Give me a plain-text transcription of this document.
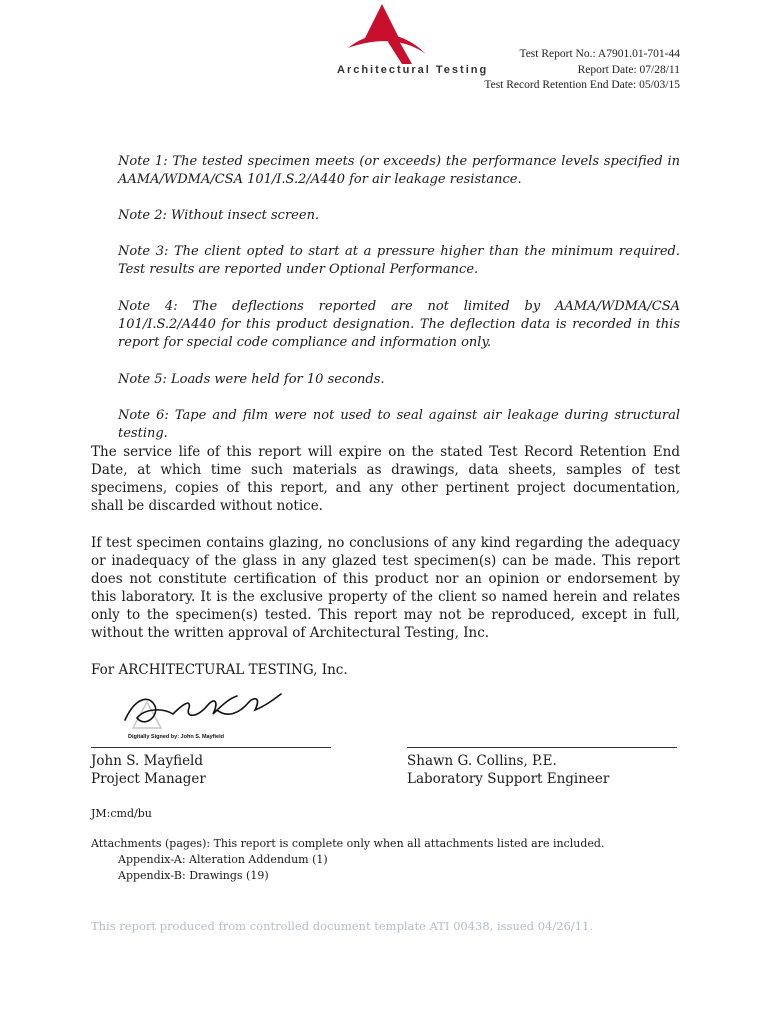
Architectural Testing
Test Report No.: A7901.01-701-44
Report Date: 07/28/11
Test Record Retention End Date: 05/03/15
Note 1: The tested specimen meets (or exceeds) the performance levels specified in AAMA/WDMA/CSA 101/I.S.2/A440 for air leakage resistance.
Note 2: Without insect screen.
Note 3: The client opted to start at a pressure higher than the minimum required. Test results are reported under Optional Performance.
Note 4: The deflections reported are not limited by AAMA/WDMA/CSA 101/I.S.2/A440 for this product designation. The deflection data is recorded in this report for special code compliance and information only.
Note 5: Loads were held for 10 seconds.
Note 6: Tape and film were not used to seal against air leakage during structural testing.
The service life of this report will expire on the stated Test Record Retention End Date, at which time such materials as drawings, data sheets, samples of test specimens, copies of this report, and any other pertinent project documentation, shall be discarded without notice.
If test specimen contains glazing, no conclusions of any kind regarding the adequacy or inadequacy of the glass in any glazed test specimen(s) can be made. This report does not constitute certification of this product nor an opinion or endorsement by this laboratory. It is the exclusive property of the client so named herein and relates only to the specimen(s) tested. This report may not be reproduced, except in full, without the written approval of Architectural Testing, Inc.
For ARCHITECTURAL TESTING, Inc.
Digitally Signed by: John S. Mayfield
John S. Mayfield
Project Manager
Shawn G. Collins, P.E.
Laboratory Support Engineer
JM:cmd/bu
Attachments (pages): This report is complete only when all attachments listed are included.
Appendix-A: Alteration Addendum (1)
Appendix-B: Drawings (19)
This report produced from controlled document template ATI 00438, issued 04/26/11.
